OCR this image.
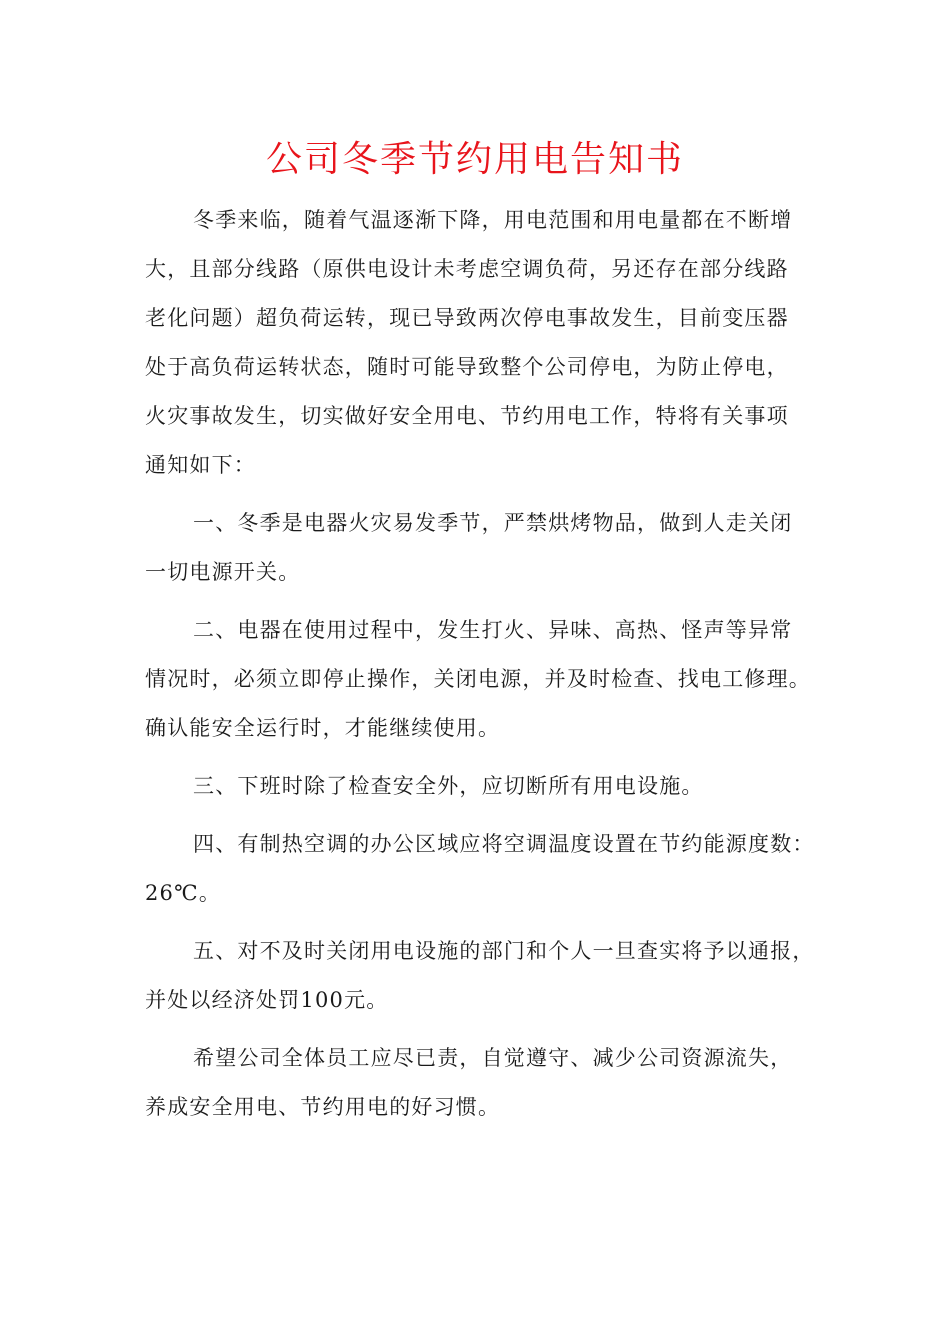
公司冬季节约用电告知书
冬季来临，随着气温逐渐下降，用电范围和用电量都在不断增
大，且部分线路（原供电设计未考虑空调负荷，另还存在部分线路
老化问题）超负荷运转，现已导致两次停电事故发生，目前变压器
处于高负荷运转状态，随时可能导致整个公司停电，为防止停电，
火灾事故发生，切实做好安全用电、节约用电工作，特将有关事项
通知如下：
一、冬季是电器火灾易发季节，严禁烘烤物品，做到人走关闭
一切电源开关。
二、电器在使用过程中，发生打火、异味、高热、怪声等异常
情况时，必须立即停止操作，关闭电源，并及时检查、找电工修理。
确认能安全运行时，才能继续使用。
三、下班时除了检查安全外，应切断所有用电设施。
四、有制热空调的办公区域应将空调温度设置在节约能源度数：
26℃。
五、对不及时关闭用电设施的部门和个人一旦查实将予以通报，
并处以经济处罚100元。
希望公司全体员工应尽已责，自觉遵守、减少公司资源流失，
养成安全用电、节约用电的好习惯。
